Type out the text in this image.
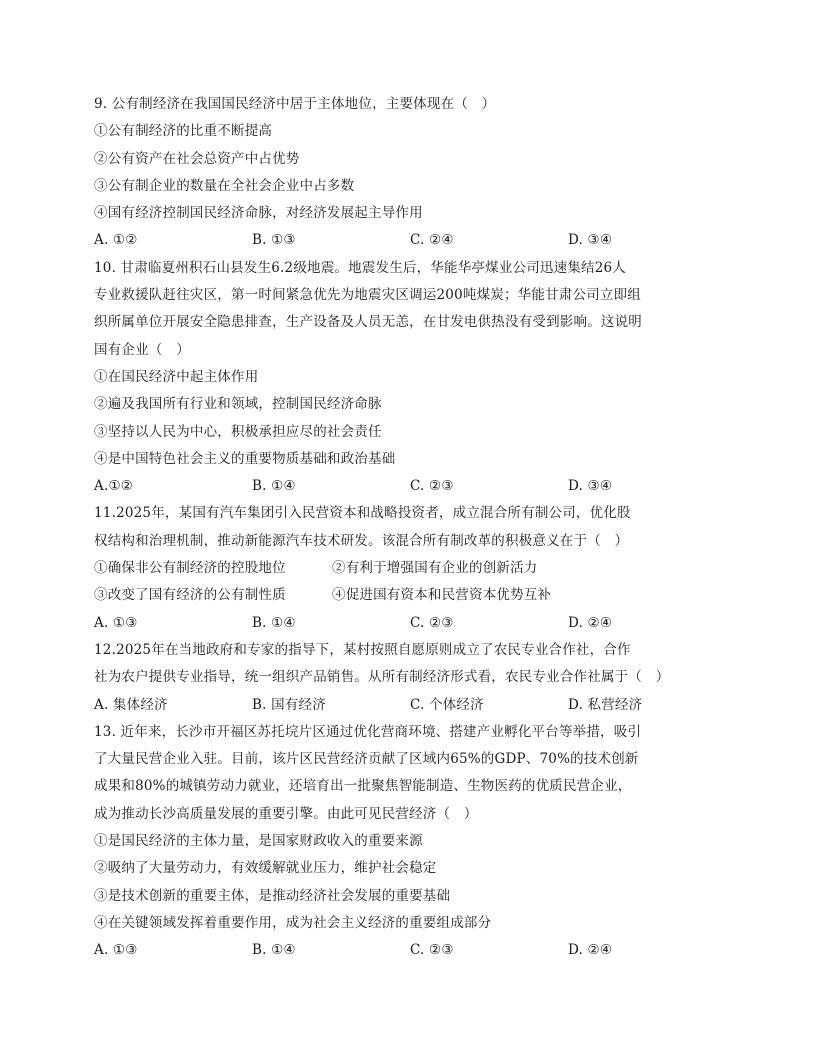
9. 公有制经济在我国国民经济中居于主体地位，主要体现在（　）
①公有制经济的比重不断提高
②公有资产在社会总资产中占优势
③公有制企业的数量在全社会企业中占多数
④国有经济控制国民经济命脉，对经济发展起主导作用
A. ①②	B. ①③	C. ②④	D. ③④
10. 甘肃临夏州积石山县发生6.2级地震。地震发生后，华能华亭煤业公司迅速集结26人
专业救援队赶往灾区，第一时间紧急优先为地震灾区调运200吨煤炭；华能甘肃公司立即组
织所属单位开展安全隐患排查，生产设备及人员无恙，在甘发电供热没有受到影响。这说明
国有企业（　）
①在国民经济中起主体作用
②遍及我国所有行业和领域，控制国民经济命脉
③坚持以人民为中心，积极承担应尽的社会责任
④是中国特色社会主义的重要物质基础和政治基础
A.①②	B. ①④	C. ②③	D. ③④
11.2025年，某国有汽车集团引入民营资本和战略投资者，成立混合所有制公司，优化股
权结构和治理机制，推动新能源汽车技术研发。该混合所有制改革的积极意义在于（　）
①确保非公有制经济的控股地位	②有利于增强国有企业的创新活力
③改变了国有经济的公有制性质	④促进国有资本和民营资本优势互补
A. ①③	B. ①④	C. ②③	D. ②④
12.2025年在当地政府和专家的指导下，某村按照自愿原则成立了农民专业合作社，合作
社为农户提供专业指导，统一组织产品销售。从所有制经济形式看，农民专业合作社属于（　）
A. 集体经济	B. 国有经济	C. 个体经济	D. 私营经济
13. 近年来，长沙市开福区苏托垸片区通过优化营商环境、搭建产业孵化平台等举措，吸引
了大量民营企业入驻。目前，该片区民营经济贡献了区域内65%的GDP、70%的技术创新
成果和80%的城镇劳动力就业，还培育出一批聚焦智能制造、生物医药的优质民营企业，
成为推动长沙高质量发展的重要引擎。由此可见民营经济（　）
①是国民经济的主体力量，是国家财政收入的重要来源
②吸纳了大量劳动力，有效缓解就业压力，维护社会稳定
③是技术创新的重要主体，是推动经济社会发展的重要基础
④在关键领域发挥着重要作用，成为社会主义经济的重要组成部分
A. ①③	B. ①④	C. ②③	D. ②④
